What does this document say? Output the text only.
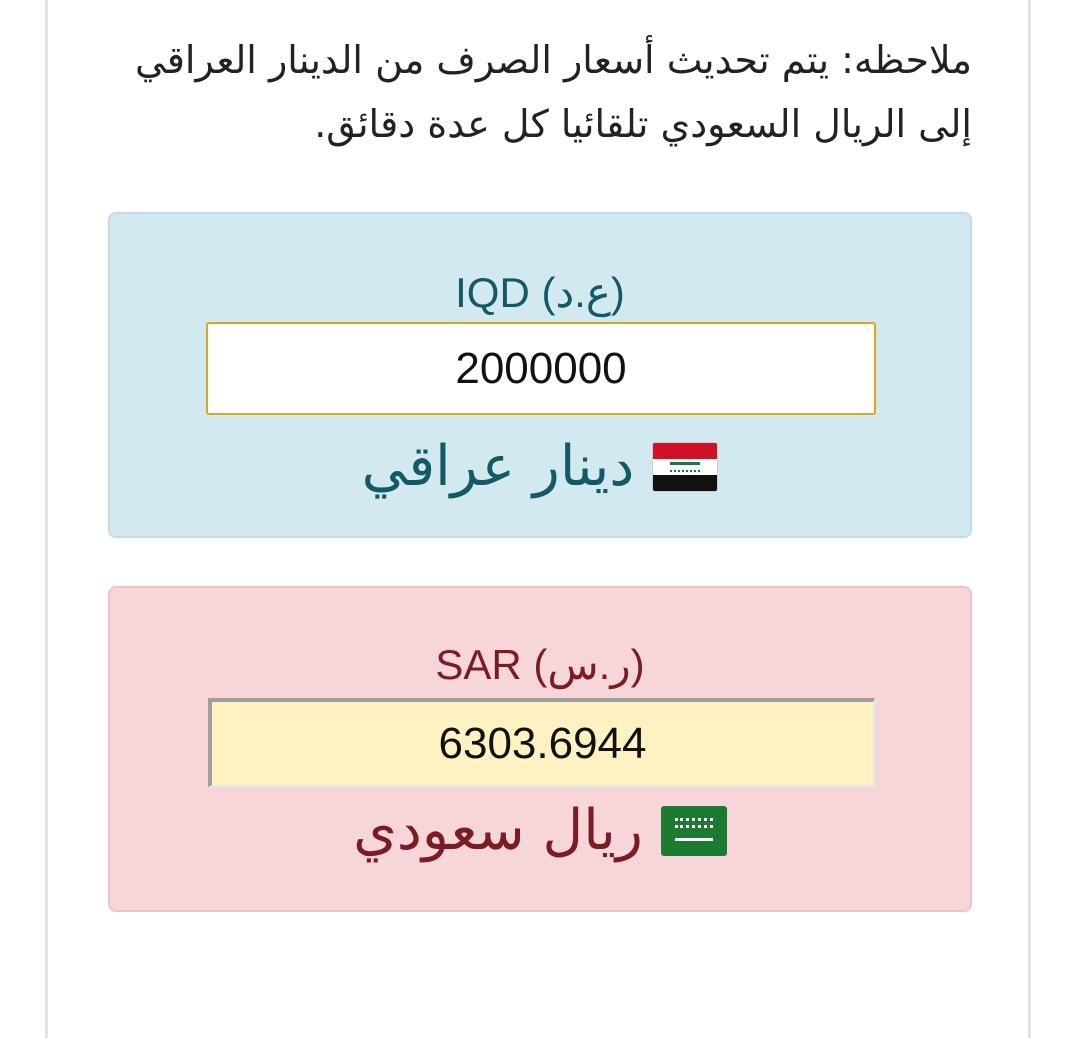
ملاحظه: يتم تحديث أسعار الصرف من الدينار العراقي إلى الريال السعودي تلقائيا كل عدة دقائق.
IQD (ع.د)
2000000
دينار عراقي
SAR (ر.س)
6303.6944
ريال سعودي
